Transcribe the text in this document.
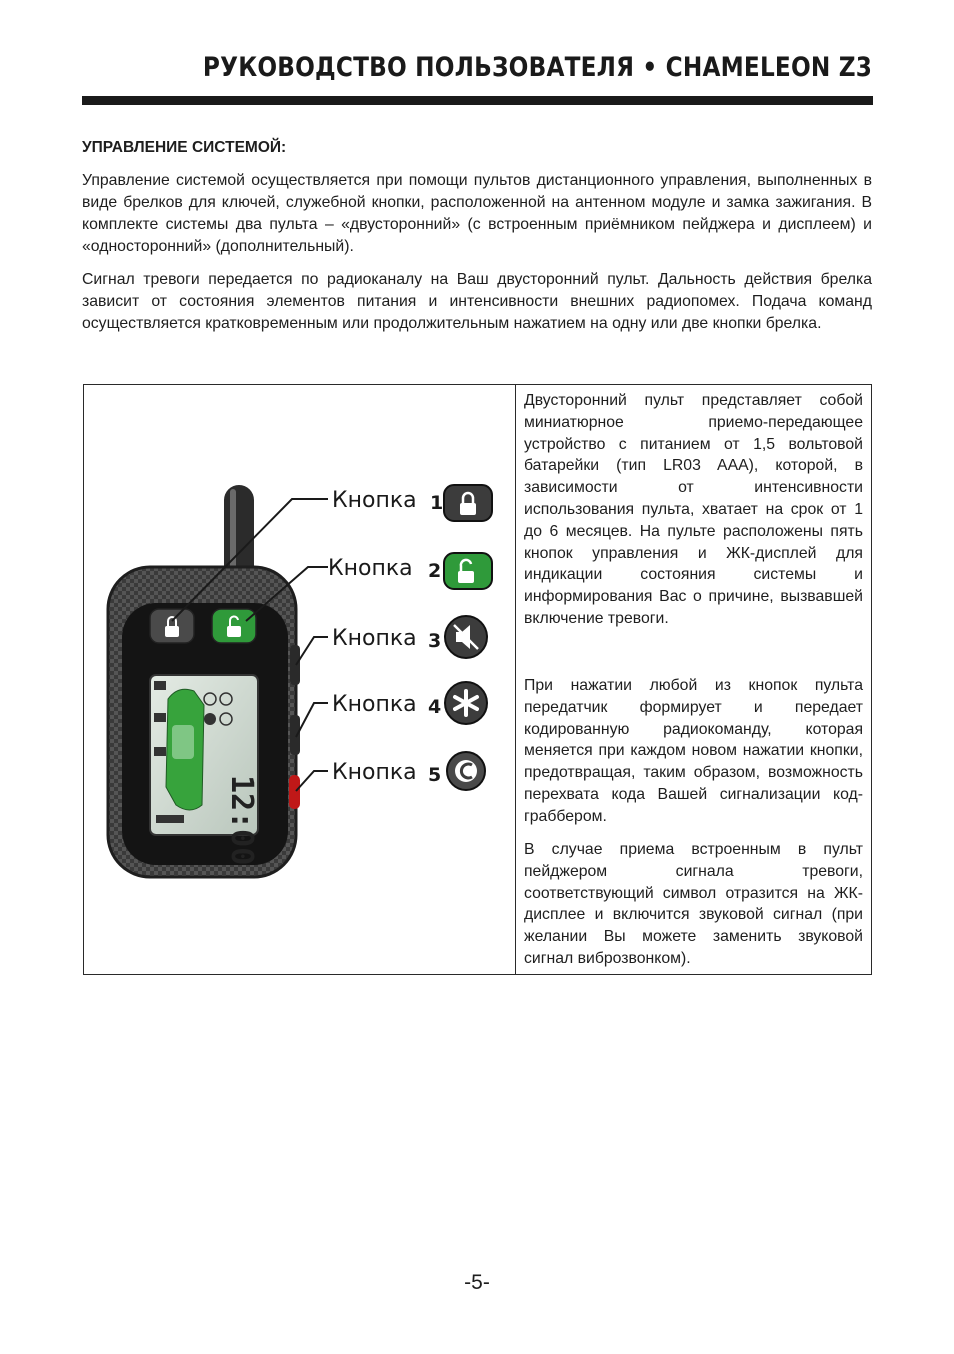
РУКОВОДСТВО ПОЛЬЗОВАТЕЛЯ • CHAMELEON Z3
УПРАВЛЕНИЕ СИСТЕМОЙ:

Управление системой осуществляется при помощи пультов дистанционного управления, выполненных в виде брелков для ключей, служебной кнопки, расположенной на антенном модуле и замка зажигания. В комплекте системы два пульта – «двусторонний» (с встроенным приёмником пейджера и дисплеем) и «односторонний» (дополнительный).

Сигнал тревоги передается по радиоканалу на Ваш двусторонний пульт. Дальность действия брелка зависит от состояния элементов питания и интенсивности внешних радиопомех. Подача команд осуществляется кратковременным или продолжительным нажатием на одну или две кнопки брелка.

12:00
Кнопка 1
Кнопка 2
Кнопка 3
Кнопка 4
Кнопка 5

Двусторонний пульт представляет собой миниатюрное приемо-передающее устройство с питанием от 1,5 вольтовой батарейки (тип LR03 AAA), которой, в зависимости от интенсивности использования пульта, хватает на срок от 1 до 6 месяцев. На пульте расположены пять кнопок управления и ЖК-дисплей для индикации состояния системы и информирования Вас о причине, вызвавшей включение тревоги.

При нажатии любой из кнопок пульта передатчик формирует и передает кодированную радиокоманду, которая меняется при каждом новом нажатии кнопки, предотвращая, таким образом, возможность перехвата кода Вашей сигнализации код-граббером.

В случае приема встроенным в пульт пейджером сигнала тревоги, соответствующий символ отразится на ЖК-дисплее и включится звуковой сигнал (при желании Вы можете заменить звуковой сигнал виброзвонком).

-5-
